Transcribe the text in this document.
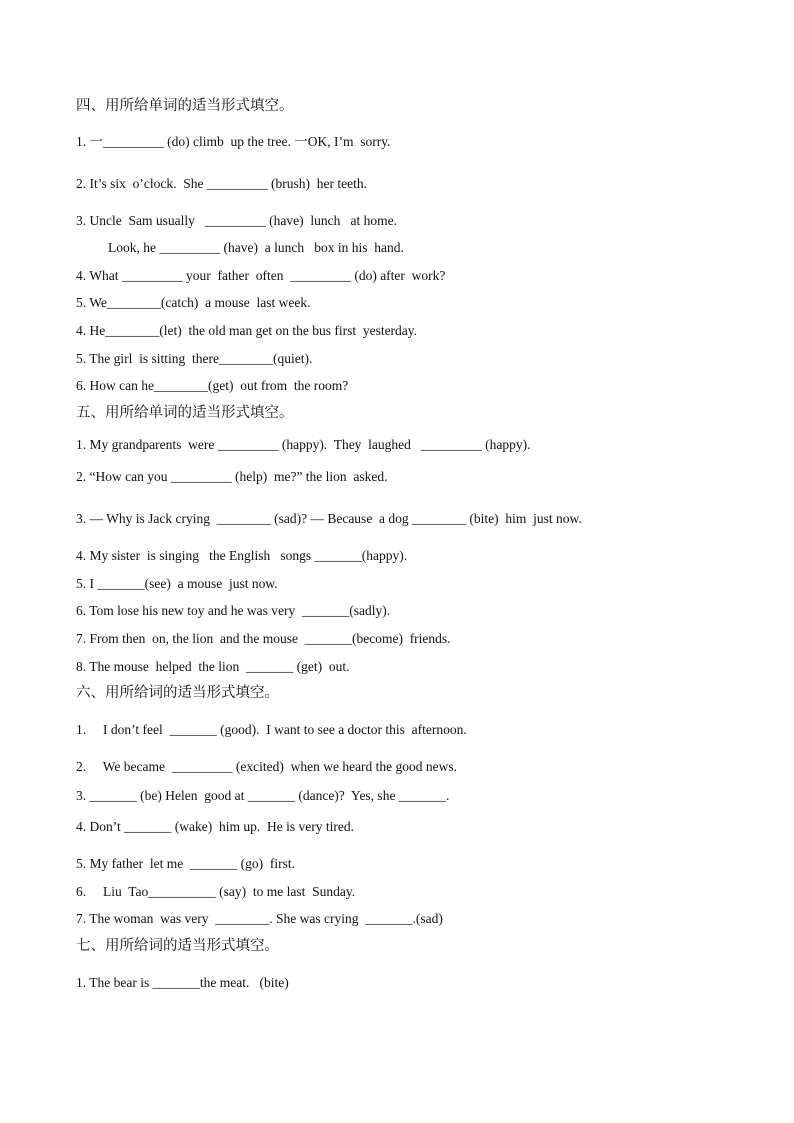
四、用所给单词的适当形式填空。
1. 一_________ (do) climb  up the tree. 一OK, I’m  sorry.
2. It’s six  o’clock.  She _________ (brush)  her teeth.
3. Uncle  Sam usually   _________ (have)  lunch   at home.
Look, he _________ (have)  a lunch   box in his  hand.
4. What _________ your  father  often  _________ (do) after  work?
5. We________(catch)  a mouse  last week.
4. He________(let)  the old man get on the bus first  yesterday.
5. The girl  is sitting  there________(quiet).
6. How can he________(get)  out from  the room?
五、用所给单词的适当形式填空。
1. My grandparents  were _________ (happy).  They  laughed   _________ (happy).
2. “How can you _________ (help)  me?” the lion  asked.
3. — Why is Jack crying  ________ (sad)? — Because  a dog ________ (bite)  him  just now.
4. My sister  is singing   the English   songs _______(happy).
5. I _______(see)  a mouse  just now.
6. Tom lose his new toy and he was very  _______(sadly).
7. From then  on, the lion  and the mouse  _______(become)  friends.
8. The mouse  helped  the lion  _______ (get)  out.
六、用所给词的适当形式填空。
1.     I don’t feel  _______ (good).  I want to see a doctor this  afternoon.
2.     We became  _________ (excited)  when we heard the good news.
3. _______ (be) Helen  good at _______ (dance)?  Yes, she _______.
4. Don’t _______ (wake)  him up.  He is very tired.
5. My father  let me  _______ (go)  first.
6.     Liu  Tao__________ (say)  to me last  Sunday.
7. The woman  was very  ________. She was crying  _______.(sad)
七、用所给词的适当形式填空。
1. The bear is _______the meat.   (bite)
